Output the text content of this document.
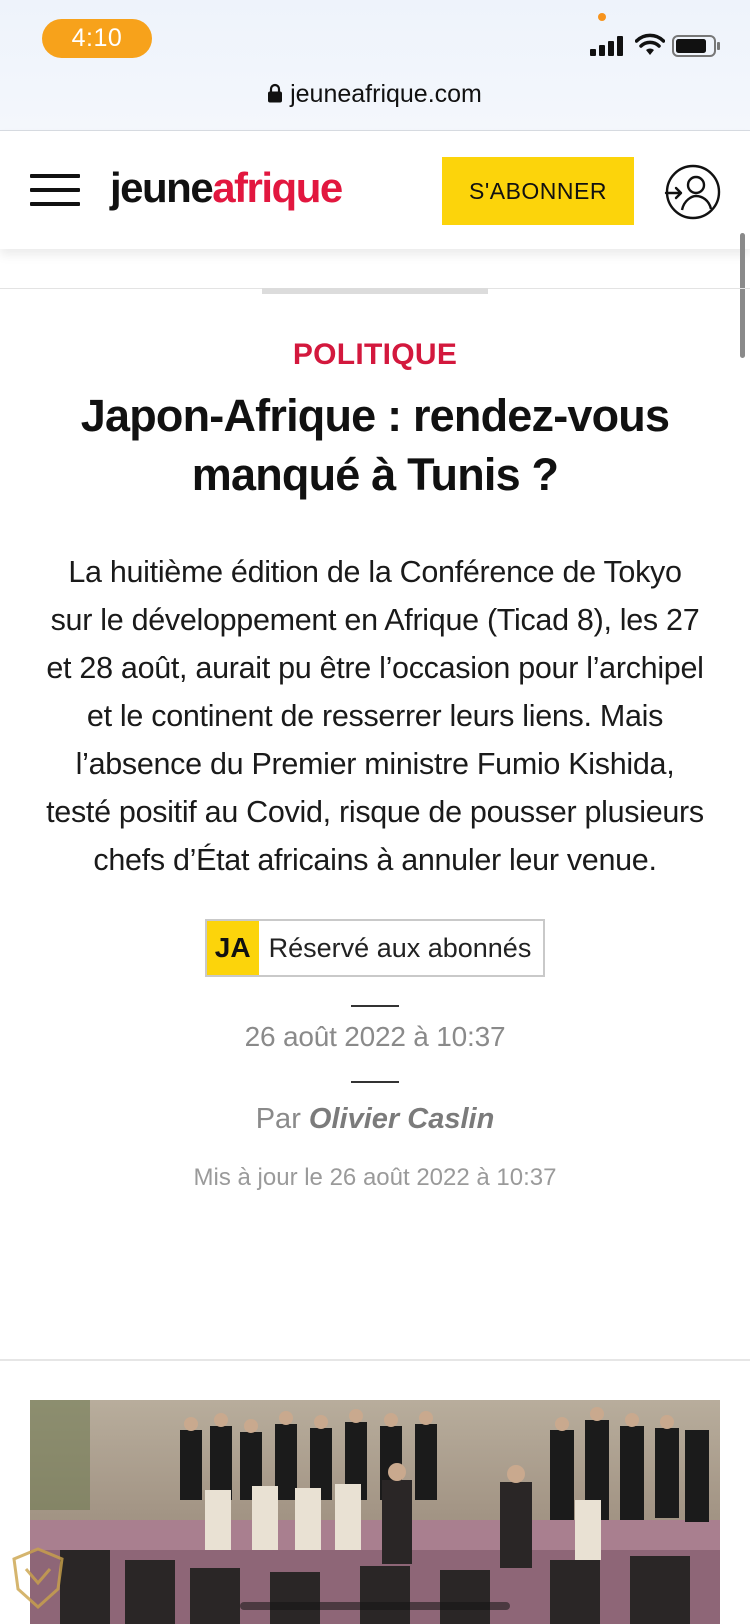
4:10
jeuneafrique.com
jeuneafrique	S'ABONNER
POLITIQUE
Japon-Afrique : rendez-vous manqué à Tunis ?

La huitième édition de la Conférence de Tokyo sur le développement en Afrique (Ticad 8), les 27 et 28 août, aurait pu être l’occasion pour l’archipel et le continent de resserrer leurs liens. Mais l’absence du Premier ministre Fumio Kishida, testé positif au Covid, risque de pousser plusieurs chefs d’État africains à annuler leur venue.

JA Réservé aux abonnés
26 août 2022 à 10:37
Par Olivier Caslin
Mis à jour le 26 août 2022 à 10:37
